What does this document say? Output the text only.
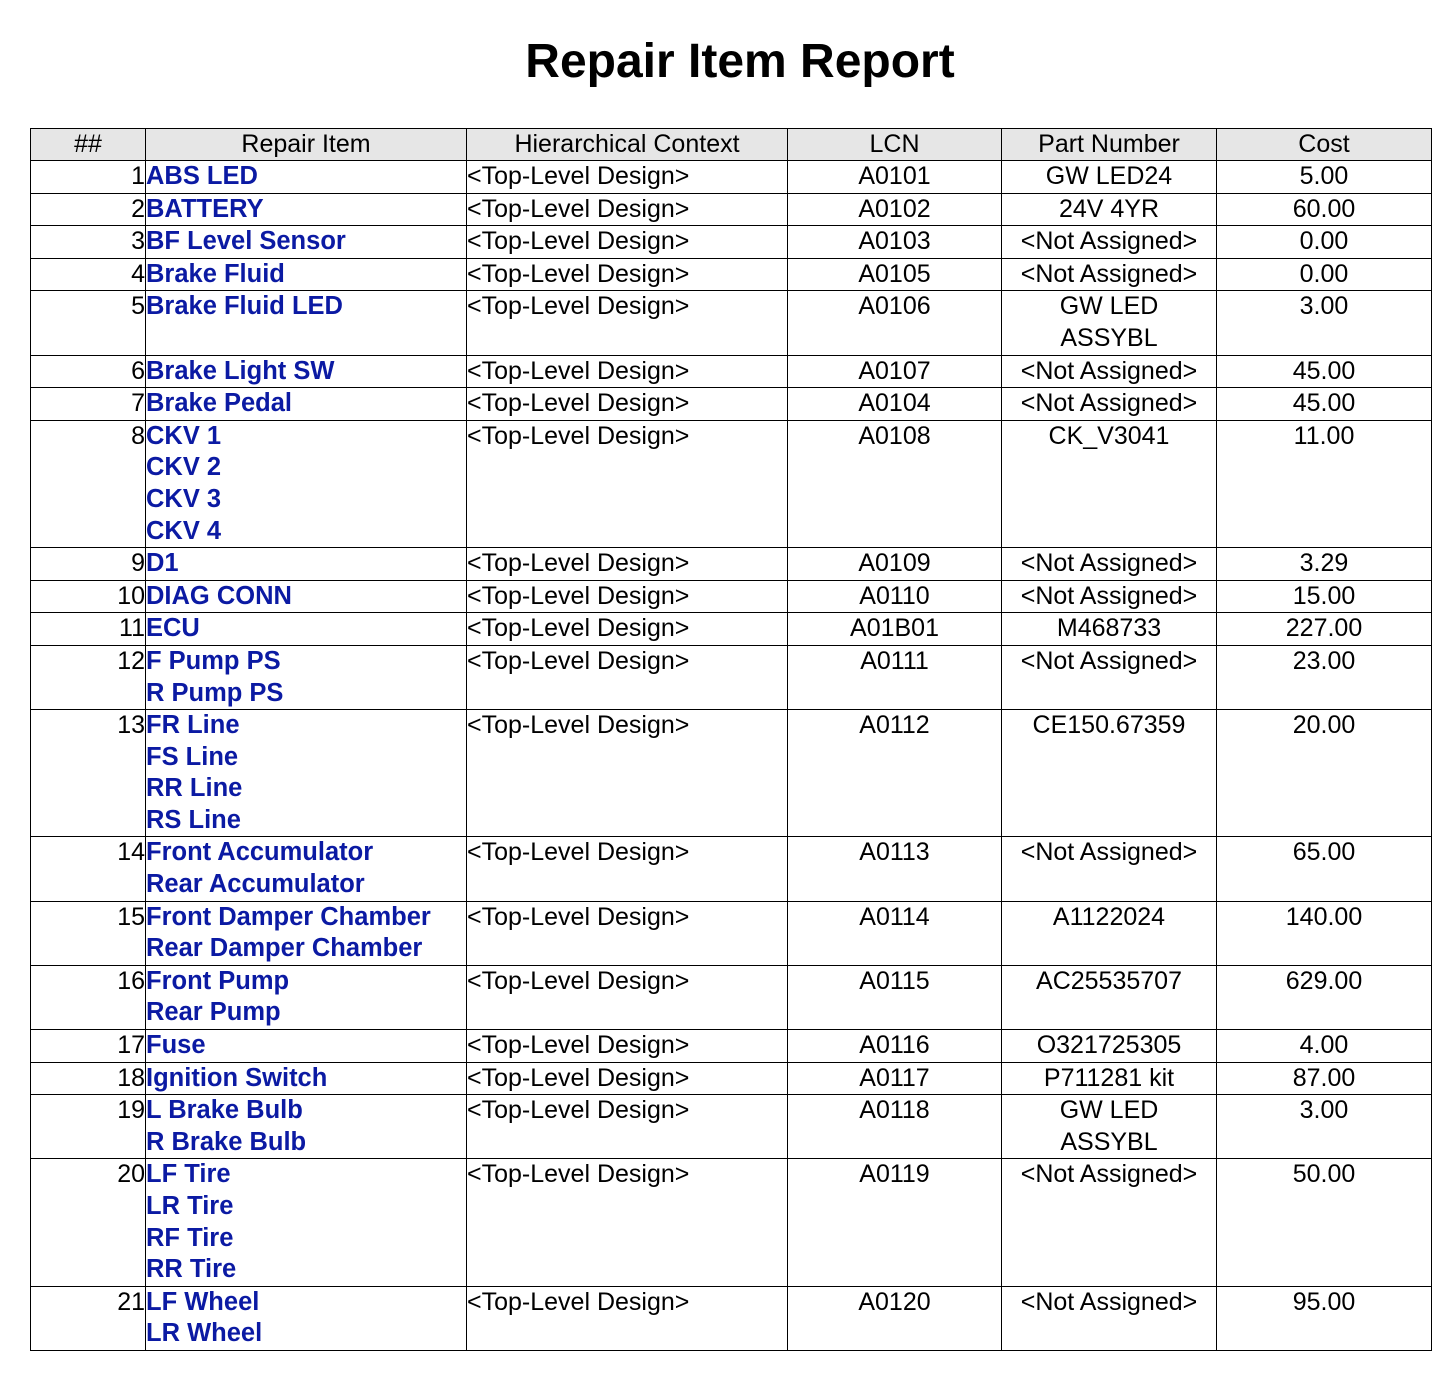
Repair Item Report
##	Repair Item	Hierarchical Context	LCN	Part Number	Cost
1	ABS LED	<Top-Level Design>	A0101	GW LED24	5.00
2	BATTERY	<Top-Level Design>	A0102	24V 4YR	60.00
3	BF Level Sensor	<Top-Level Design>	A0103	<Not Assigned>	0.00
4	Brake Fluid	<Top-Level Design>	A0105	<Not Assigned>	0.00
5	Brake Fluid LED	<Top-Level Design>	A0106	GW LED
ASSYBL	3.00
6	Brake Light SW	<Top-Level Design>	A0107	<Not Assigned>	45.00
7	Brake Pedal	<Top-Level Design>	A0104	<Not Assigned>	45.00
8	CKV 1
CKV 2
CKV 3
CKV 4	<Top-Level Design>	A0108	CK_V3041	11.00
9	D1	<Top-Level Design>	A0109	<Not Assigned>	3.29
10	DIAG CONN	<Top-Level Design>	A0110	<Not Assigned>	15.00
11	ECU	<Top-Level Design>	A01B01	M468733	227.00
12	F Pump PS
R Pump PS	<Top-Level Design>	A0111	<Not Assigned>	23.00
13	FR Line
FS Line
RR Line
RS Line	<Top-Level Design>	A0112	CE150.67359	20.00
14	Front Accumulator
Rear Accumulator	<Top-Level Design>	A0113	<Not Assigned>	65.00
15	Front Damper Chamber
Rear Damper Chamber	<Top-Level Design>	A0114	A1122024	140.00
16	Front Pump
Rear Pump	<Top-Level Design>	A0115	AC25535707	629.00
17	Fuse	<Top-Level Design>	A0116	O321725305	4.00
18	Ignition Switch	<Top-Level Design>	A0117	P711281 kit	87.00
19	L Brake Bulb
R Brake Bulb	<Top-Level Design>	A0118	GW LED
ASSYBL	3.00
20	LF Tire
LR Tire
RF Tire
RR Tire	<Top-Level Design>	A0119	<Not Assigned>	50.00
21	LF Wheel
LR Wheel	<Top-Level Design>	A0120	<Not Assigned>	95.00
